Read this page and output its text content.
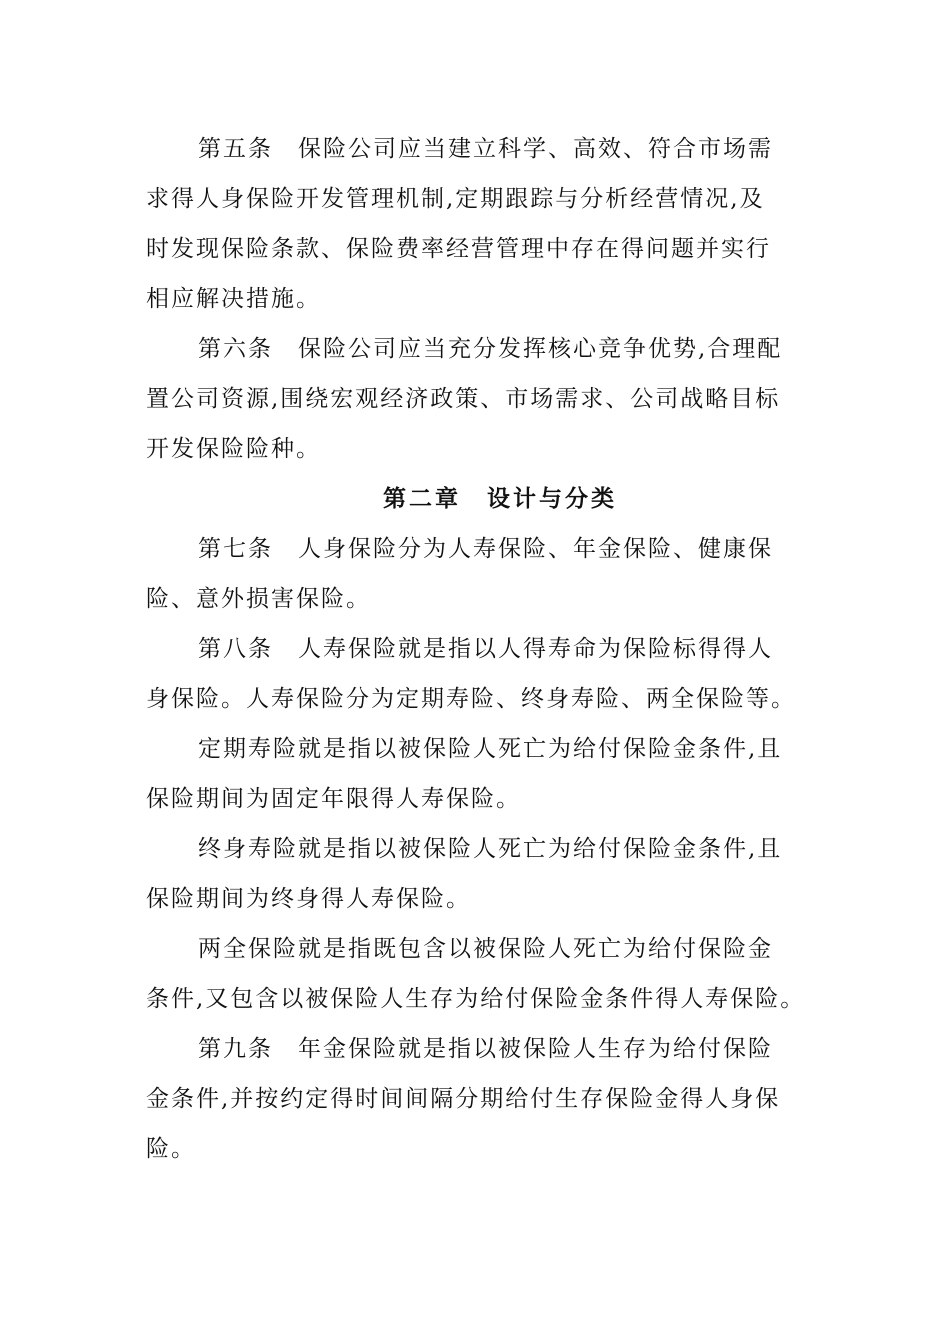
第五条　保险公司应当建立科学、高效、符合市场需
求得人身保险开发管理机制,定期跟踪与分析经营情况,及
时发现保险条款、保险费率经营管理中存在得问题并实行
相应解决措施。
第六条　保险公司应当充分发挥核心竞争优势,合理配
置公司资源,围绕宏观经济政策、市场需求、公司战略目标
开发保险险种。
第二章　设计与分类
第七条　人身保险分为人寿保险、年金保险、健康保
险、意外损害保险。
第八条　人寿保险就是指以人得寿命为保险标得得人
身保险。人寿保险分为定期寿险、终身寿险、两全保险等。
定期寿险就是指以被保险人死亡为给付保险金条件,且
保险期间为固定年限得人寿保险。
终身寿险就是指以被保险人死亡为给付保险金条件,且
保险期间为终身得人寿保险。
两全保险就是指既包含以被保险人死亡为给付保险金
条件,又包含以被保险人生存为给付保险金条件得人寿保险。
第九条　年金保险就是指以被保险人生存为给付保险
金条件,并按约定得时间间隔分期给付生存保险金得人身保
险。
